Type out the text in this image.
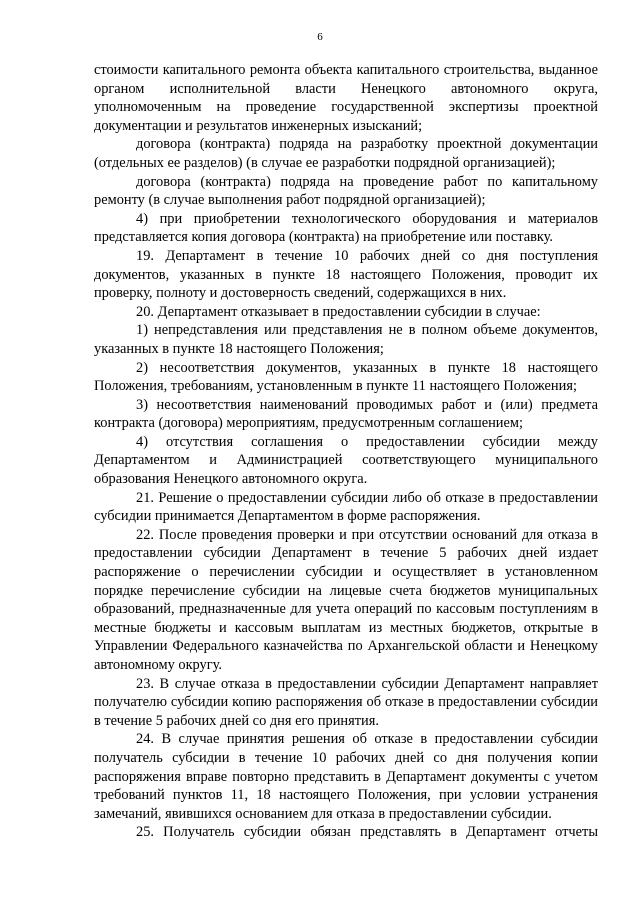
6

стоимости капитального ремонта объекта капитального строительства, выданное органом исполнительной власти Ненецкого автономного округа, уполномоченным на проведение государственной экспертизы проектной документации и результатов инженерных изысканий;

договора (контракта) подряда на разработку проектной документации (отдельных ее разделов) (в случае ее разработки подрядной организацией);

договора (контракта) подряда на проведение работ по капитальному ремонту (в случае выполнения работ подрядной организацией);

4) при приобретении технологического оборудования и материалов представляется копия договора (контракта) на приобретение или поставку.

19. Департамент в течение 10 рабочих дней со дня поступления документов, указанных в пункте 18 настоящего Положения, проводит их проверку, полноту и достоверность сведений, содержащихся в них.

20. Департамент отказывает в предоставлении субсидии в случае:

1) непредставления или представления не в полном объеме документов, указанных в пункте 18 настоящего Положения;

2) несоответствия документов, указанных в пункте 18 настоящего Положения, требованиям, установленным в пункте 11 настоящего Положения;

3) несоответствия наименований проводимых работ и (или) предмета контракта (договора) мероприятиям, предусмотренным соглашением;

4) отсутствия соглашения о предоставлении субсидии между Департаментом и Администрацией соответствующего муниципального образования Ненецкого автономного округа.

21. Решение о предоставлении субсидии либо об отказе в предоставлении субсидии принимается Департаментом в форме распоряжения.

22. После проведения проверки и при отсутствии оснований для отказа в предоставлении субсидии Департамент в течение 5 рабочих дней издает распоряжение о перечислении субсидии и осуществляет в установленном порядке перечисление субсидии на лицевые счета бюджетов муниципальных образований, предназначенные для учета операций по кассовым поступлениям в местные бюджеты и кассовым выплатам из местных бюджетов, открытые в Управлении Федерального казначейства по Архангельской области и Ненецкому автономному округу.

23. В случае отказа в предоставлении субсидии Департамент направляет получателю субсидии копию распоряжения об отказе в предоставлении субсидии в течение 5 рабочих дней со дня его принятия.

24. В случае принятия решения об отказе в предоставлении субсидии получатель субсидии в течение 10 рабочих дней со дня получения копии распоряжения вправе повторно представить в Департамент документы с учетом требований пунктов 11, 18 настоящего Положения, при условии устранения замечаний, явившихся основанием для отказа в предоставлении субсидии.

25. Получатель субсидии обязан представлять в Департамент отчеты
